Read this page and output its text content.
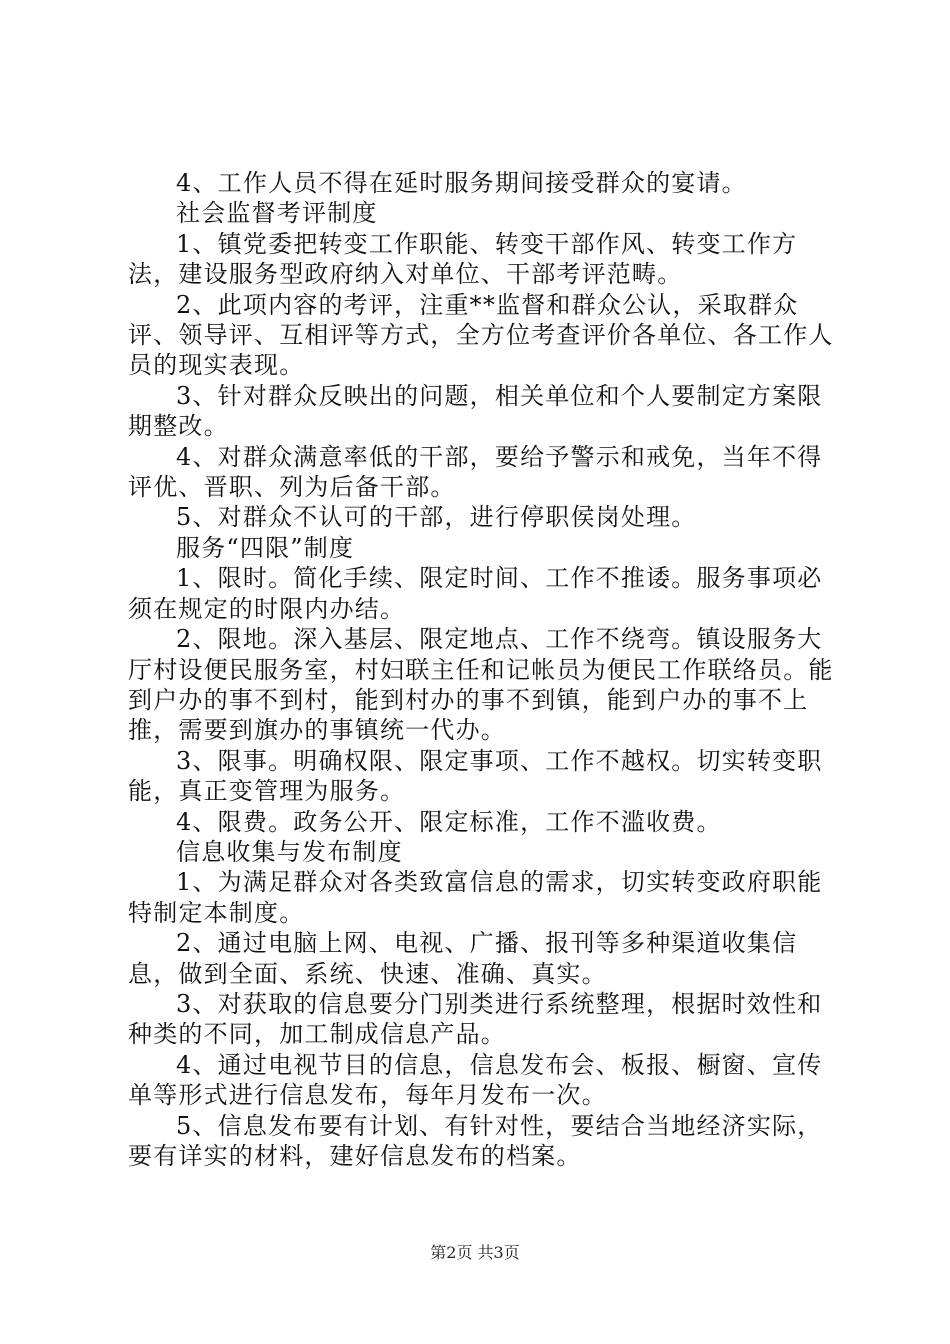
4、工作人员不得在延时服务期间接受群众的宴请。

社会监督考评制度

1、镇党委把转变工作职能、转变干部作风、转变工作方法，建设服务型政府纳入对单位、干部考评范畴。

2、此项内容的考评，注重**监督和群众公认，采取群众评、领导评、互相评等方式，全方位考查评价各单位、各工作人员的现实表现。

3、针对群众反映出的问题，相关单位和个人要制定方案限期整改。

4、对群众满意率低的干部，要给予警示和戒免，当年不得评优、晋职、列为后备干部。

5、对群众不认可的干部，进行停职侯岗处理。

服务“四限”制度

1、限时。简化手续、限定时间、工作不推诿。服务事项必须在规定的时限内办结。

2、限地。深入基层、限定地点、工作不绕弯。镇设服务大厅村设便民服务室，村妇联主任和记帐员为便民工作联络员。能到户办的事不到村，能到村办的事不到镇，能到户办的事不上推，需要到旗办的事镇统一代办。

3、限事。明确权限、限定事项、工作不越权。切实转变职能，真正变管理为服务。

4、限费。政务公开、限定标准，工作不滥收费。

信息收集与发布制度

1、为满足群众对各类致富信息的需求，切实转变政府职能特制定本制度。

2、通过电脑上网、电视、广播、报刊等多种渠道收集信息，做到全面、系统、快速、准确、真实。

3、对获取的信息要分门别类进行系统整理，根据时效性和种类的不同，加工制成信息产品。

4、通过电视节目的信息，信息发布会、板报、橱窗、宣传单等形式进行信息发布，每年月发布一次。

5、信息发布要有计划、有针对性，要结合当地经济实际，要有详实的材料，建好信息发布的档案。

第2页 共3页
